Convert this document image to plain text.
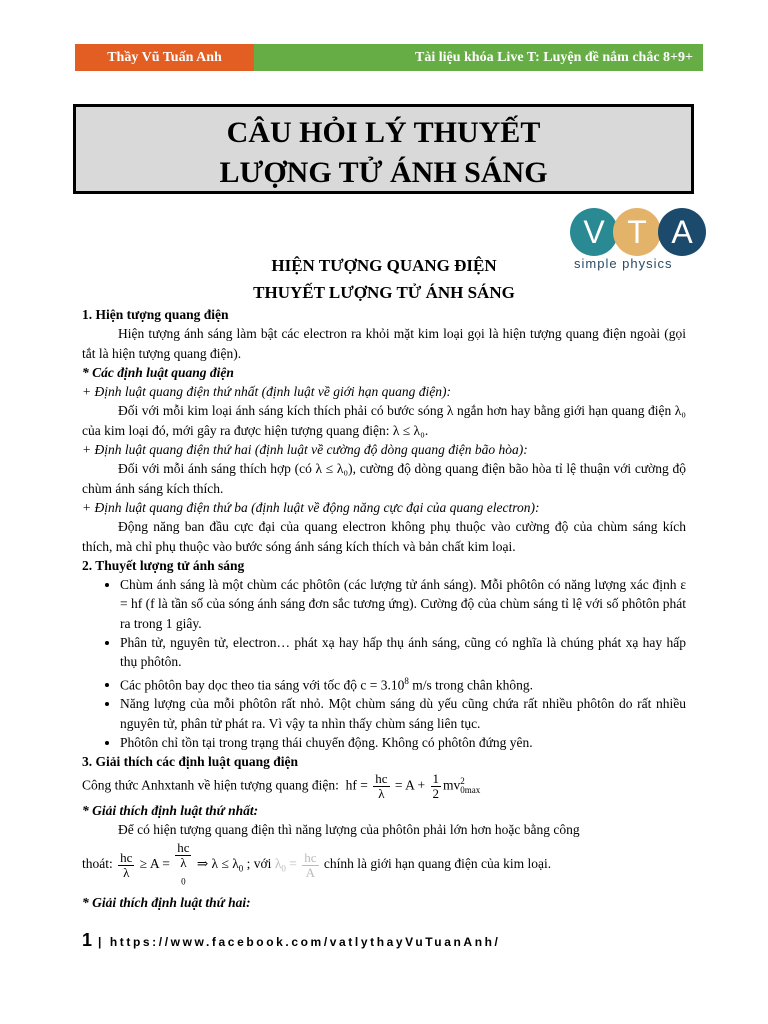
Thầy Vũ Tuấn Anh	Tài liệu khóa Live T: Luyện đề nắm chắc 8+9+
CÂU HỎI LÝ THUYẾT
LƯỢNG TỬ ÁNH SÁNG
V T A
simple physics
HIỆN TƯỢNG QUANG ĐIỆN
THUYẾT LƯỢNG TỬ ÁNH SÁNG

1. Hiện tượng quang điện

Hiện tượng ánh sáng làm bật các electron ra khỏi mặt kim loại gọi là hiện tượng quang điện ngoài (gọi tắt là hiện tượng quang điện).

* Các định luật quang điện

+ Định luật quang điện thứ nhất (định luật về giới hạn quang điện):

Đối với mỗi kim loại ánh sáng kích thích phải có bước sóng λ ngắn hơn hay bằng giới hạn quang điện λ₀ của kim loại đó, mới gây ra được hiện tượng quang điện: λ ≤ λ₀.

+ Định luật quang điện thứ hai (định luật về cường độ dòng quang điện bão hòa):

Đối với mỗi ánh sáng thích hợp (có λ ≤ λ₀), cường độ dòng quang điện bão hòa tỉ lệ thuận với cường độ chùm ánh sáng kích thích.

+ Định luật quang điện thứ ba (định luật về động năng cực đại của quang electron):

Động năng ban đầu cực đại của quang electron không phụ thuộc vào cường độ của chùm sáng kích thích, mà chỉ phụ thuộc vào bước sóng ánh sáng kích thích và bản chất kim loại.

2. Thuyết lượng tử ánh sáng

• Chùm ánh sáng là một chùm các phôtôn (các lượng tử ánh sáng). Mỗi phôtôn có năng lượng xác định ε = hf (f là tần số của sóng ánh sáng đơn sắc tương ứng). Cường độ của chùm sáng tỉ lệ với số phôtôn phát ra trong 1 giây.
• Phân tử, nguyên tử, electron… phát xạ hay hấp thụ ánh sáng, cũng có nghĩa là chúng phát xạ hay hấp thụ phôtôn.
• Các phôtôn bay dọc theo tia sáng với tốc độ $c = 3.10^8$ m/s trong chân không.
• Năng lượng của mỗi phôtôn rất nhỏ. Một chùm sáng dù yếu cũng chứa rất nhiều phôtôn do rất nhiều nguyên tử, phân tử phát ra. Vì vậy ta nhìn thấy chùm sáng liên tục.
• Phôtôn chỉ tồn tại trong trạng thái chuyển động. Không có phôtôn đứng yên.

3. Giải thích các định luật quang điện

Công thức Anhxtanh về hiện tượng quang điện: hf = $\frac{hc}{\lambda} = A + \frac{1}{2}$ mv 2
0max

* Giải thích định luật thứ nhất:

Để có hiện tượng quang điện thì năng lượng của phôtôn phải lớn hơn hoặc bằng công

thoát: $\frac{hc}{\lambda} \ge A$ = hc
λ
$_0$ ⇒ $\lambda \le \lambda_0$ ; với $\lambda_0 = \frac{hc}{A}$ chính là giới hạn quang điện của kim loại.

* Giải thích định luật thứ hai:

1 | https://www.facebook.com/vatlythayVuTuanAnh/
